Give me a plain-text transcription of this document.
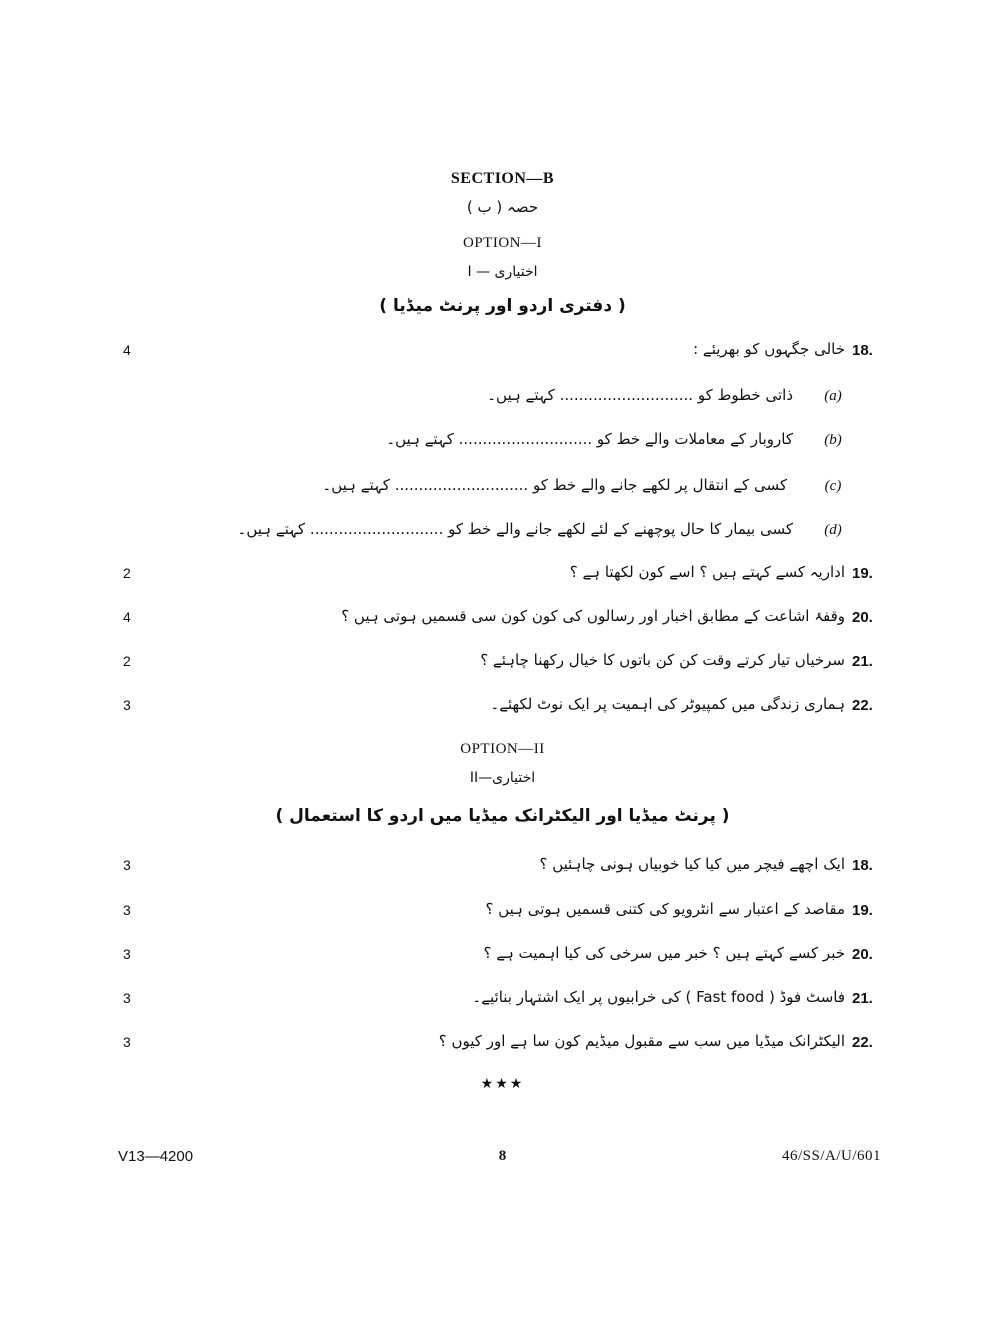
SECTION—B
حصہ ( ب )
OPTION—I
اختیاری — I
( دفتری اردو اور پرنٹ میڈیا )
4	خالی جگہوں کو بھریئے : 18.
ذاتی خطوط کو ............................ کہتے ہیں۔	(a)
کاروبار کے معاملات والے خط کو ............................ کہتے ہیں۔	(b)
کسی کے انتقال پر لکھے جانے والے خط کو ............................ کہتے ہیں۔	(c)
کسی بیمار کا حال پوچھنے کے لئے لکھے جانے والے خط کو ............................ کہتے ہیں۔	(d)
2	اداریہ کسے کہتے ہیں ؟ اسے کون لکھتا ہے ؟ 19.
4	وقفۂ اشاعت کے مطابق اخبار اور رسالوں کی کون کون سی قسمیں ہوتی ہیں ؟ 20.
2	سرخیاں تیار کرتے وقت کن کن باتوں کا خیال رکھنا چاہئے ؟ 21.
3	ہماری زندگی میں کمپیوٹر کی اہمیت پر ایک نوٹ لکھئے۔ 22.
OPTION—II
اختیاری—II
( پرنٹ میڈیا اور الیکٹرانک میڈیا میں اردو کا استعمال )
3	ایک اچھے فیچر میں کیا کیا خوبیاں ہونی چاہئیں ؟ 18.
3	مقاصد کے اعتبار سے انٹرویو کی کتنی قسمیں ہوتی ہیں ؟ 19.
3	خبر کسے کہتے ہیں ؟ خبر میں سرخی کی کیا اہمیت ہے ؟ 20.
3	فاسٹ فوڈ ( Fast food ) کی خرابیوں پر ایک اشتہار بنائیے۔ 21.
3	الیکٹرانک میڈیا میں سب سے مقبول میڈیم کون سا ہے اور کیوں ؟ 22.
★★★
V13—4200	8	46/SS/A/U/601
